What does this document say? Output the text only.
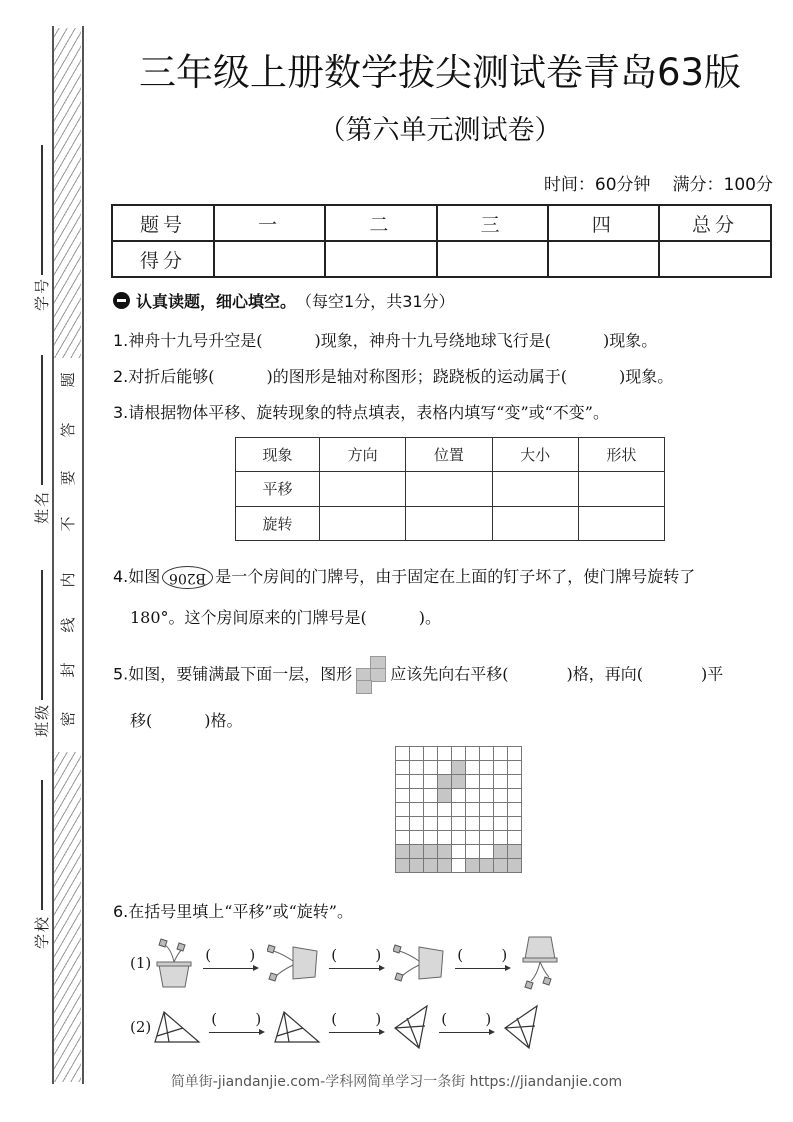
密
封
线
内
不
要
答
题
学号
姓名
班级
学校
三年级上册数学拔尖测试卷青岛63版
（第六单元测试卷）
时间：60分钟 满分：100分
题号	一	二	三	四	总分
得分					
认真读题，细心填空。 （每空1分，共31分）
1.神舟十九号升空是(	)现象，神舟十九号绕地球飞行是(	)现象。
2.对折后能够(	)的图形是轴对称图形；跷跷板的运动属于(	)现象。
3.请根据物体平移、旋转现象的特点填表，表格内填写“变”或“不变”。
现象	方向	位置	大小	形状
平移				
旋转				
4.如图 B206 是一个房间的门牌号，由于固定在上面的钉子坏了，使门牌号旋转了
180°。这个房间原来的门牌号是(	)。
5.如图，要铺满最下面一层，图形 应该先向右平移(	)格，再向(	)平
移(	)格。
6.在括号里填上“平移”或“旋转”。
(1)	(	)	(	)	(	)
(2)	(	)	(	)	(	)
简单街-jiandanjie.com-学科网简单学习一条街 https://jiandanjie.com
